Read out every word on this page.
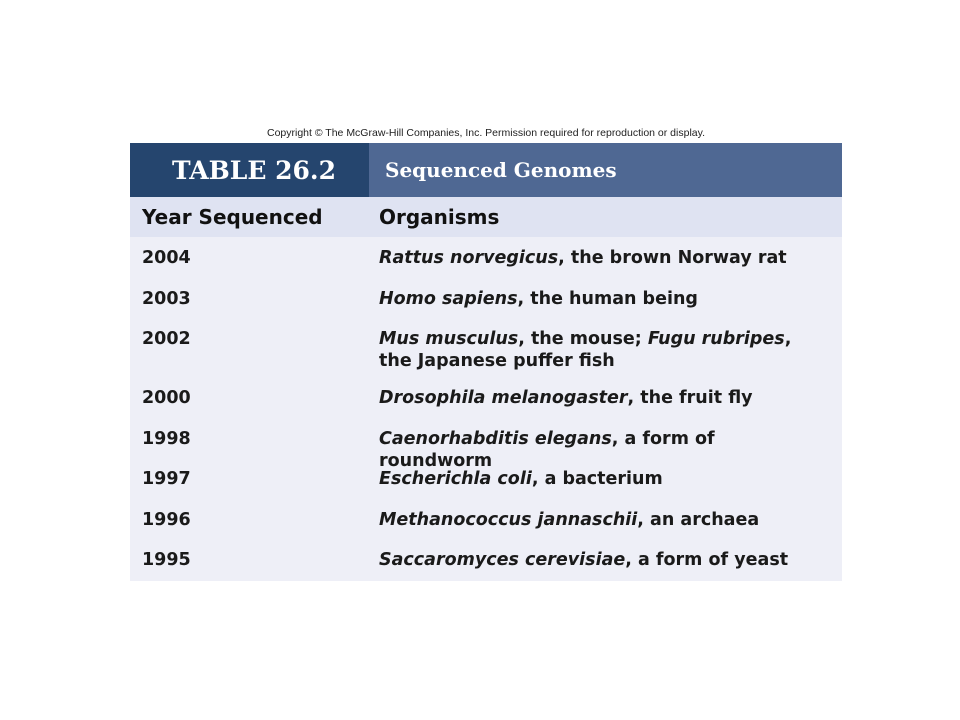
Copyright © The McGraw-Hill Companies, Inc. Permission required for reproduction or display.
TABLE 26.2	Sequenced Genomes
Year Sequenced	Organisms
2004	Rattus norvegicus, the brown Norway rat
2003	Homo sapiens, the human being
2002	Mus musculus, the mouse; Fugu rubripes, the Japanese puffer fish
2000	Drosophila melanogaster, the fruit fly
1998	Caenorhabditis elegans, a form of roundworm
1997	Escherichla coli, a bacterium
1996	Methanococcus jannaschii, an archaea
1995	Saccaromyces cerevisiae, a form of yeast
